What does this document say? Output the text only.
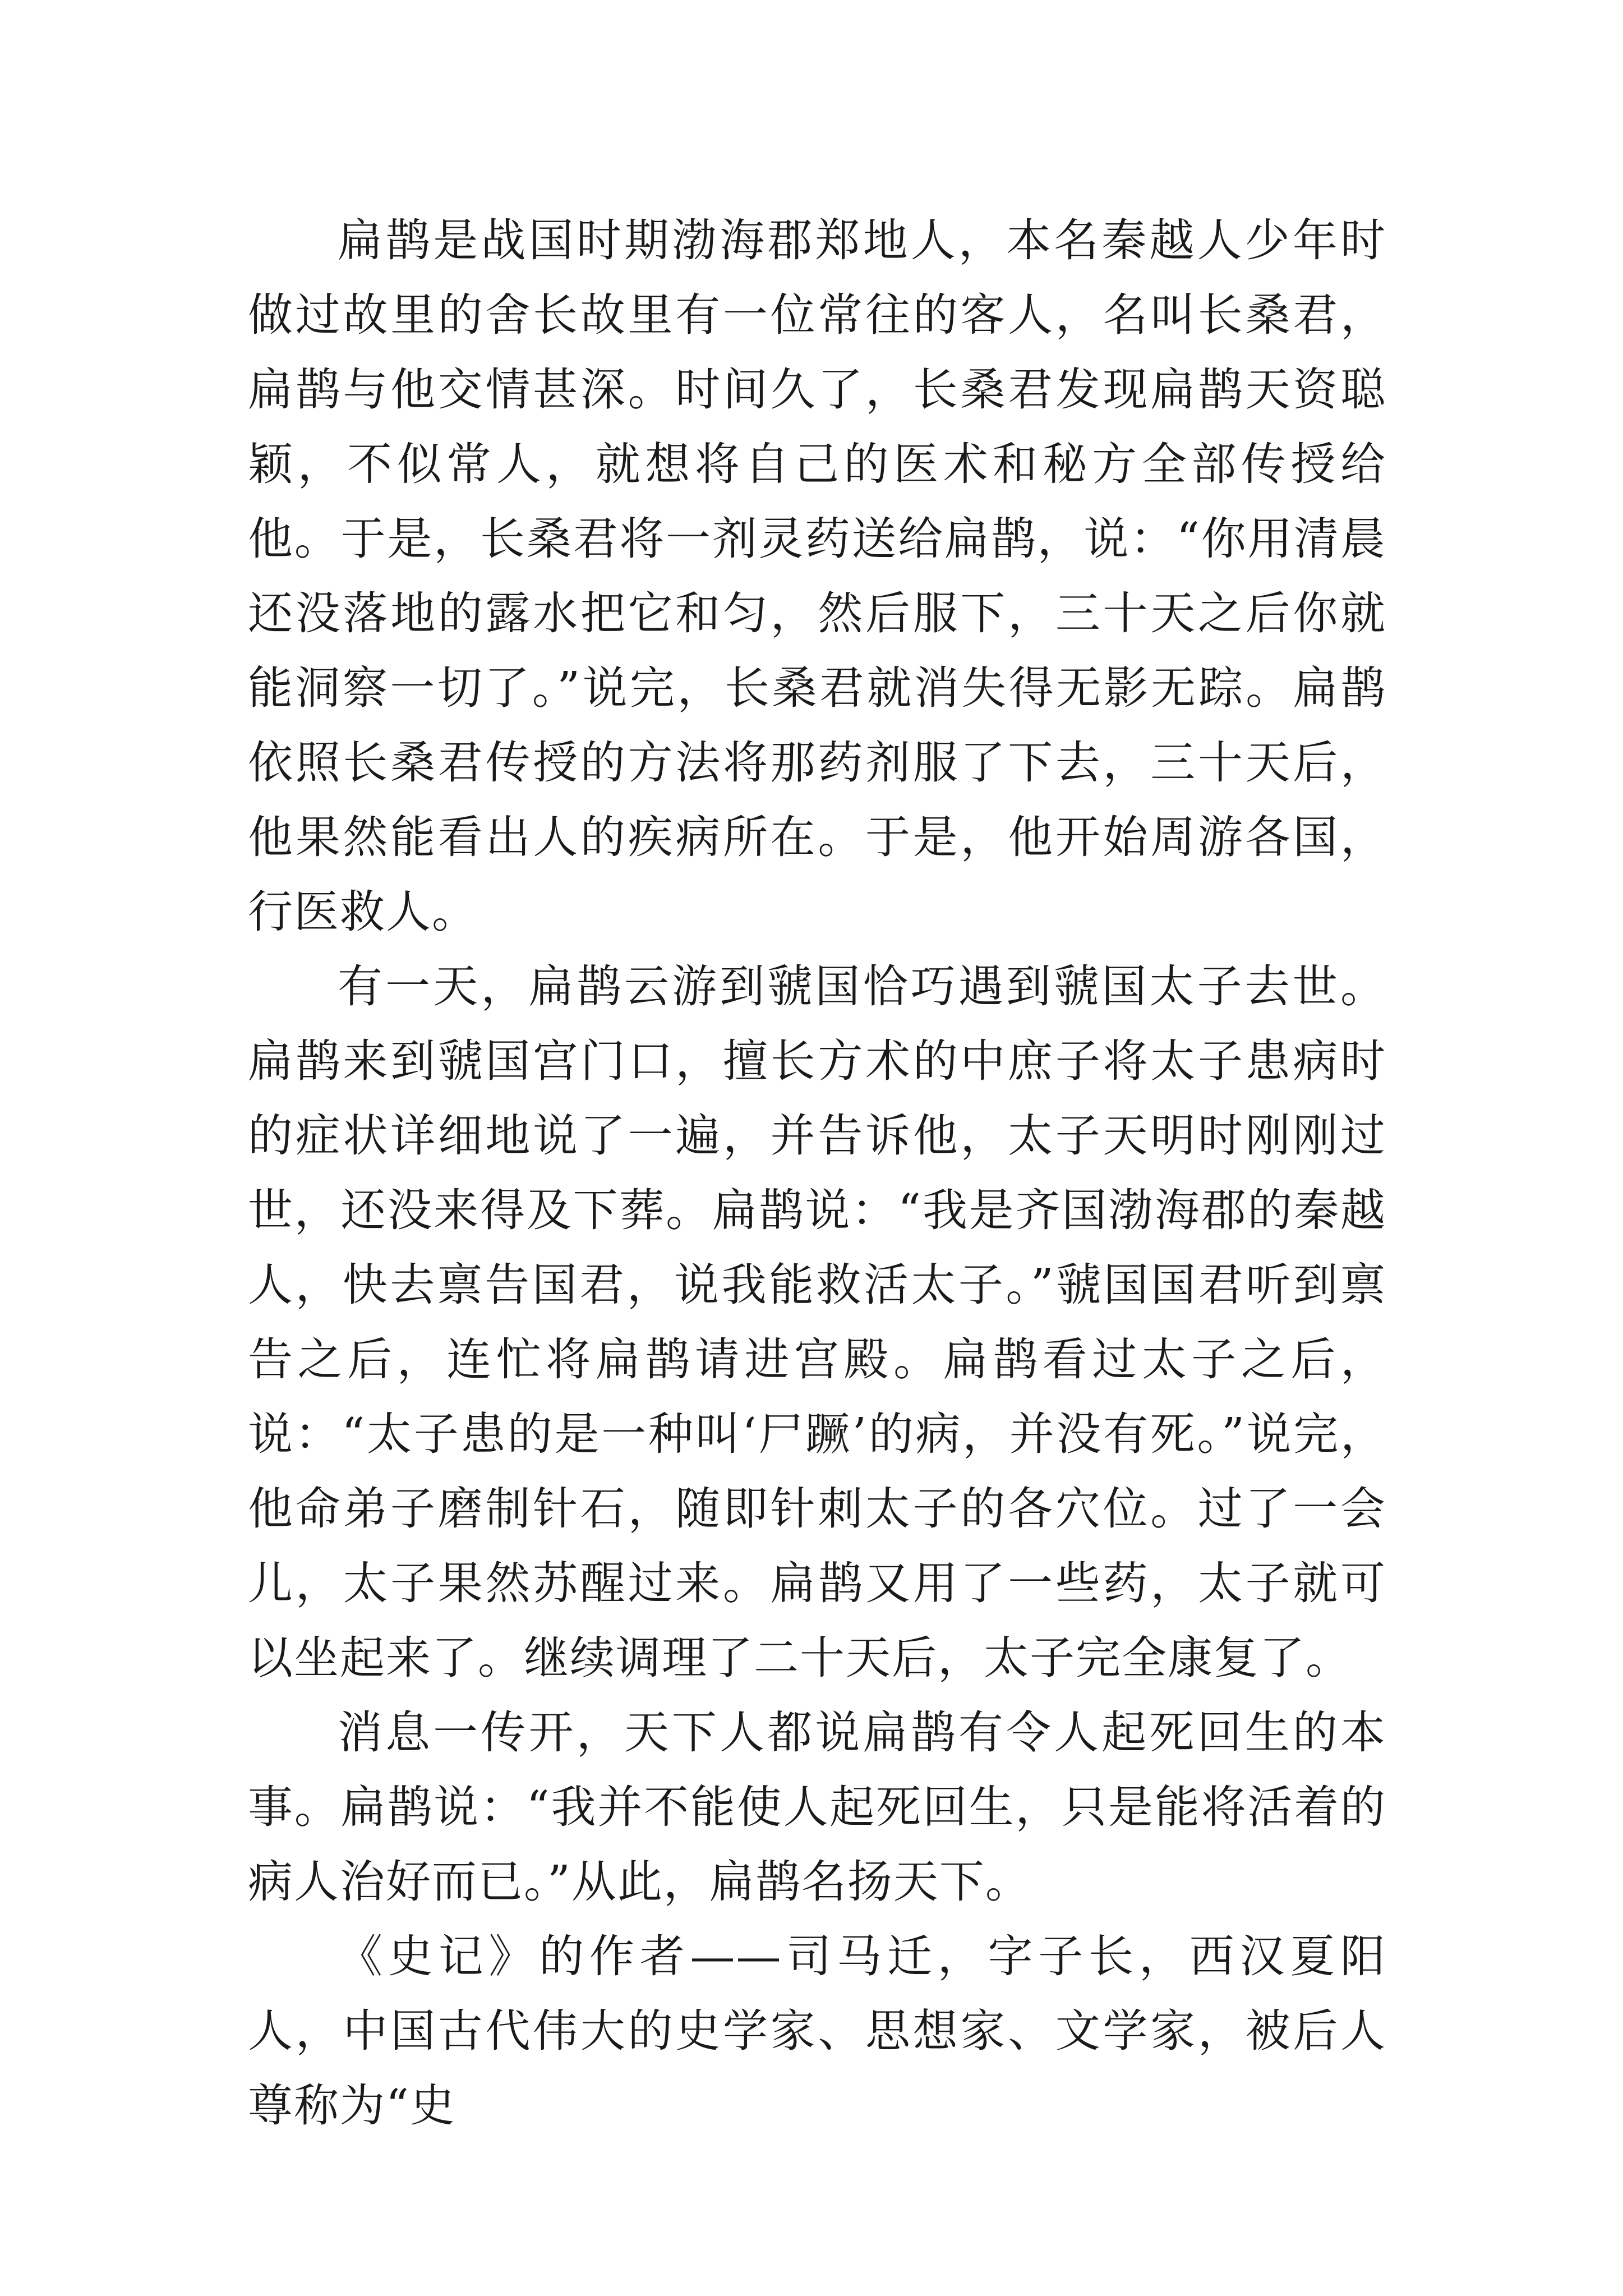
扁鹊是战国时期渤海郡郑地人，本名秦越人少年时做过故里的舍长故里有一位常往的客人，名叫长桑君，扁鹊与他交情甚深。时间久了，长桑君发现扁鹊天资聪颖，不似常人，就想将自己的医术和秘方全部传授给他。于是，长桑君将一剂灵药送给扁鹊，说：“你用清晨还没落地的露水把它和匀，然后服下，三十天之后你就能洞察一切了。”说完，长桑君就消失得无影无踪。扁鹊依照长桑君传授的方法将那药剂服了下去，三十天后，他果然能看出人的疾病所在。于是，他开始周游各国，行医救人。

有一天，扁鹊云游到虢国恰巧遇到虢国太子去世。扁鹊来到虢国宫门口，擅长方术的中庶子将太子患病时的症状详细地说了一遍，并告诉他，太子天明时刚刚过世，还没来得及下葬。扁鹊说：“我是齐国渤海郡的秦越人，快去禀告国君，说我能救活太子。”虢国国君听到禀告之后，连忙将扁鹊请进宫殿。扁鹊看过太子之后，说：“太子患的是一种叫‘尸蹶’的病，并没有死。”说完，他命弟子磨制针石，随即针刺太子的各穴位。过了一会儿，太子果然苏醒过来。扁鹊又用了一些药，太子就可以坐起来了。继续调理了二十天后，太子完全康复了。

消息一传开，天下人都说扁鹊有令人起死回生的本事。扁鹊说：“我并不能使人起死回生，只是能将活着的病人治好而已。”从此，扁鹊名扬天下。

《史记》的作者——司马迁，字子长，西汉夏阳人，中国古代伟大的史学家、思想家、文学家，被后人尊称为“史
